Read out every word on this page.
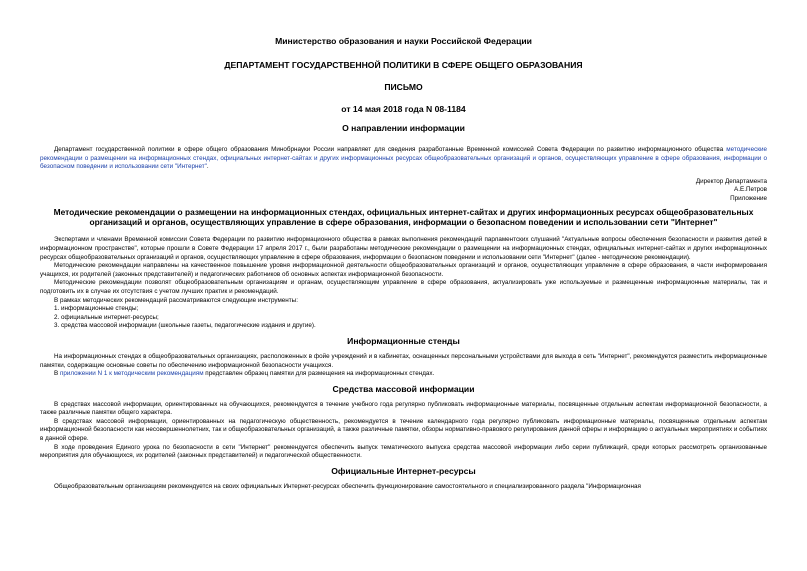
Министерство образования и науки Российской Федерации
ДЕПАРТАМЕНТ ГОСУДАРСТВЕННОЙ ПОЛИТИКИ В СФЕРЕ ОБЩЕГО ОБРАЗОВАНИЯ
ПИСЬМО
от 14 мая 2018 года N 08-1184
О направлении информации

Департамент государственной политики в сфере общего образования Минобрнауки России направляет для сведения разработанные Временной комиссией Совета Федерации по развитию информационного общества методические рекомендации о размещении на информационных стендах, официальных интернет-сайтах и других информационных ресурсах общеобразовательных организаций и органов, осуществляющих управление в сфере образования, информации о безопасном поведении и использовании сети "Интернет".

Директор Департамента

А.Е.Петров

Приложение

Методические рекомендации о размещении на информационных стендах, официальных интернет-сайтах и других информационных ресурсах общеобразовательных организаций и органов, осуществляющих управление в сфере образования, информации о безопасном поведении и использовании сети "Интернет"

Экспертами и членами Временной комиссии Совета Федерации по развитию информационного общества в рамках выполнения рекомендаций парламентских слушаний "Актуальные вопросы обеспечения безопасности и развития детей в информационном пространстве", которые прошли в Совете Федерации 17 апреля 2017 г., были разработаны методические рекомендации о размещении на информационных стендах, официальных интернет-сайтах и других информационных ресурсах общеобразовательных организаций и органов, осуществляющих управление в сфере образования, информации о безопасном поведении и использовании сети "Интернет" (далее - методические рекомендации).

Методические рекомендации направлены на качественное повышение уровня информационной деятельности общеобразовательных организаций и органов, осуществляющих управление в сфере образования, в части информирования учащихся, их родителей (законных представителей) и педагогических работников об основных аспектах информационной безопасности.

Методические рекомендации позволят общеобразовательным организациям и органам, осуществляющим управление в сфере образования, актуализировать уже используемые и размещенные информационные материалы, так и подготовить их в случае их отсутствия с учетом лучших практик и рекомендаций.

В рамках методических рекомендаций рассматриваются следующие инструменты:

1. информационные стенды;

2. официальные интернет-ресурсы;

3. средства массовой информации (школьные газеты, педагогические издания и другие).

Информационные стенды

На информационных стендах в общеобразовательных организациях, расположенных в фойе учреждений и в кабинетах, оснащенных персональными устройствами для выхода в сеть "Интернет", рекомендуется разместить информационные памятки, содержащие основные советы по обеспечению информационной безопасности учащихся.

В приложении N 1 к методическим рекомендациям представлен образец памятки для размещения на информационных стендах.

Средства массовой информации

В средствах массовой информации, ориентированных на обучающихся, рекомендуется в течение учебного года регулярно публиковать информационные материалы, посвященные отдельным аспектам информационной безопасности, а также различные памятки общего характера.

В средствах массовой информации, ориентированных на педагогическую общественность, рекомендуется в течение календарного года регулярно публиковать информационные материалы, посвященные отдельным аспектам информационной безопасности как несовершеннолетних, так и общеобразовательных организаций, а также различные памятки, обзоры нормативно-правового регулирования данной сферы и информацию о актуальных мероприятиях и событиях в данной сфере.

В ходе проведения Единого урока по безопасности в сети "Интернет" рекомендуется обеспечить выпуск тематического выпуска средства массовой информации либо серии публикаций, среди которых рассмотреть организованные мероприятия для обучающихся, их родителей (законных представителей) и педагогической общественности.

Официальные Интернет-ресурсы

Общеобразовательным организациям рекомендуется на своих официальных Интернет-ресурсах обеспечить функционирование самостоятельного и специализированного раздела "Информационная
